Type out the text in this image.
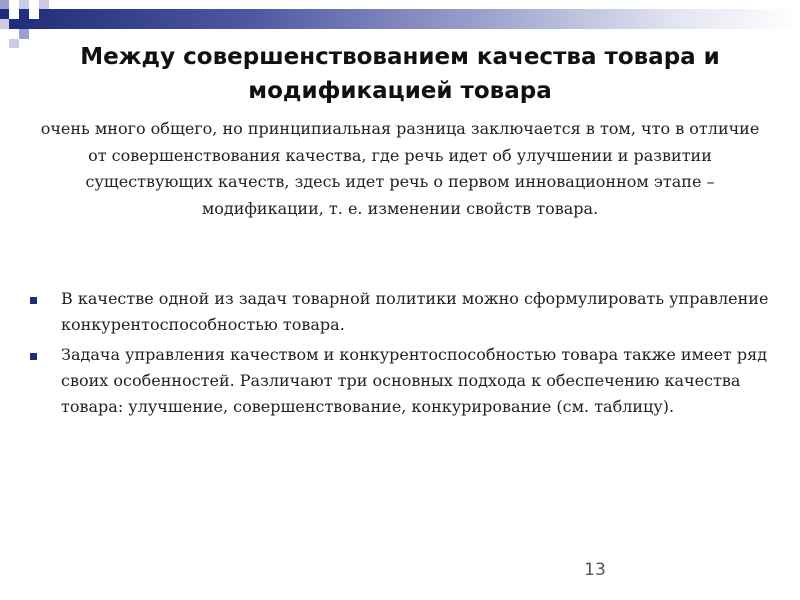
Между совершенствованием качества товара и модификацией товара
очень много общего, но принципиальная разница заключается в том, что в отличие от совершенствования качества, где речь идет об улучшении и развитии существующих качеств, здесь идет речь о первом инновационном этапе – модификации, т. е. изменении свойств товара.
В качестве одной из задач товарной политики можно сформулировать управление конкурентоспособностью товара.
Задача управления качеством и конкурентоспособностью товара также имеет ряд своих особенностей. Различают три основных подхода к обеспечению качества товара: улучшение, совершенствование, конкурирование (см. таблицу).
13
